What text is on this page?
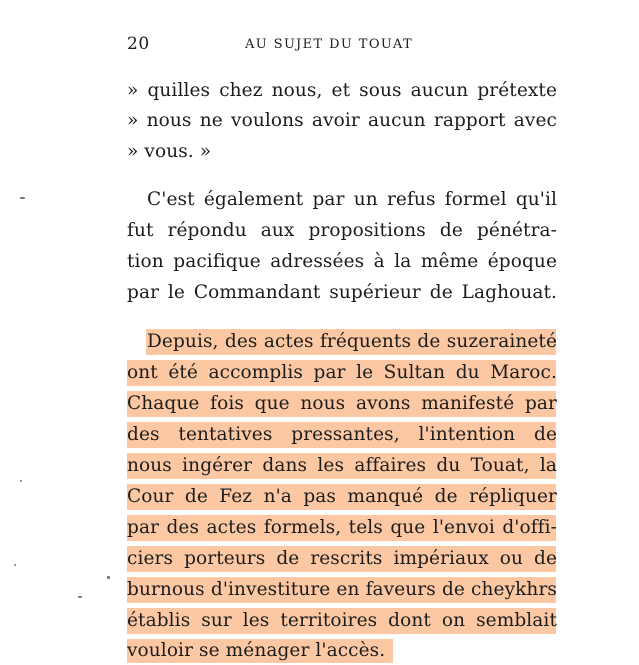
20	AU SUJET DU TOUAT
» quilles chez nous, et sous aucun prétexte
» nous ne voulons avoir aucun rapport avec
» vous. »
C'est également par un refus formel qu'il
fut répondu aux propositions de pénétra-
tion pacifique adressées à la même époque
par le Commandant supérieur de Laghouat.
Depuis, des actes fréquents de suzeraineté
ont été accomplis par le Sultan du Maroc.
Chaque fois que nous avons manifesté par
des tentatives pressantes, l'intention de
nous ingérer dans les affaires du Touat, la
Cour de Fez n'a pas manqué de répliquer
par des actes formels, tels que l'envoi d'offi-
ciers porteurs de rescrits impériaux ou de
burnous d'investiture en faveurs de cheykhrs
établis sur les territoires dont on semblait
vouloir se ménager l'accès.
